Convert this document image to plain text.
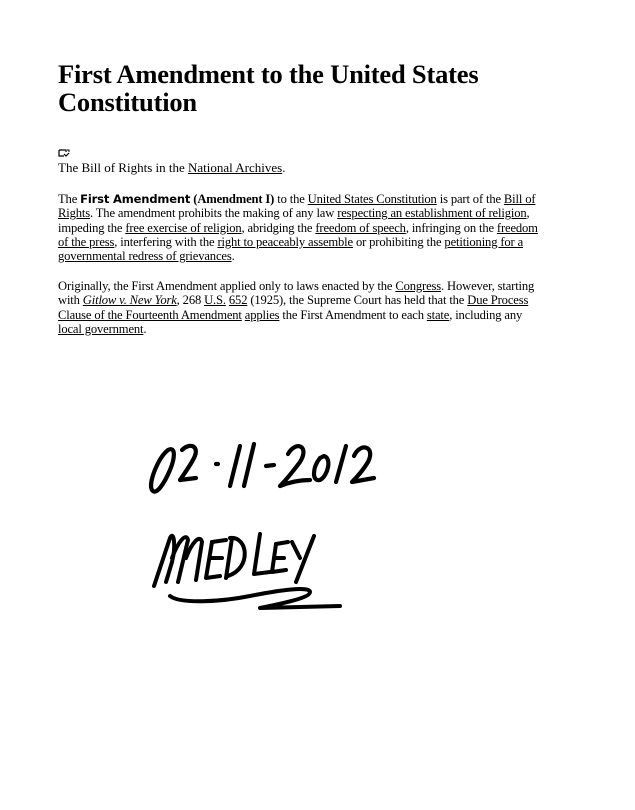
First Amendment to the United States Constitution
The Bill of Rights in the National Archives.

The First Amendment (Amendment I) to the United States Constitution is part of the Bill of Rights. The amendment prohibits the making of any law respecting an establishment of religion, impeding the free exercise of religion, abridging the freedom of speech, infringing on the freedom of the press, interfering with the right to peaceably assemble or prohibiting the petitioning for a governmental redress of grievances.

Originally, the First Amendment applied only to laws enacted by the Congress. However, starting with Gitlow v. New York, 268 U.S. 652 (1925), the Supreme Court has held that the Due Process Clause of the Fourteenth Amendment applies the First Amendment to each state, including any local government.
